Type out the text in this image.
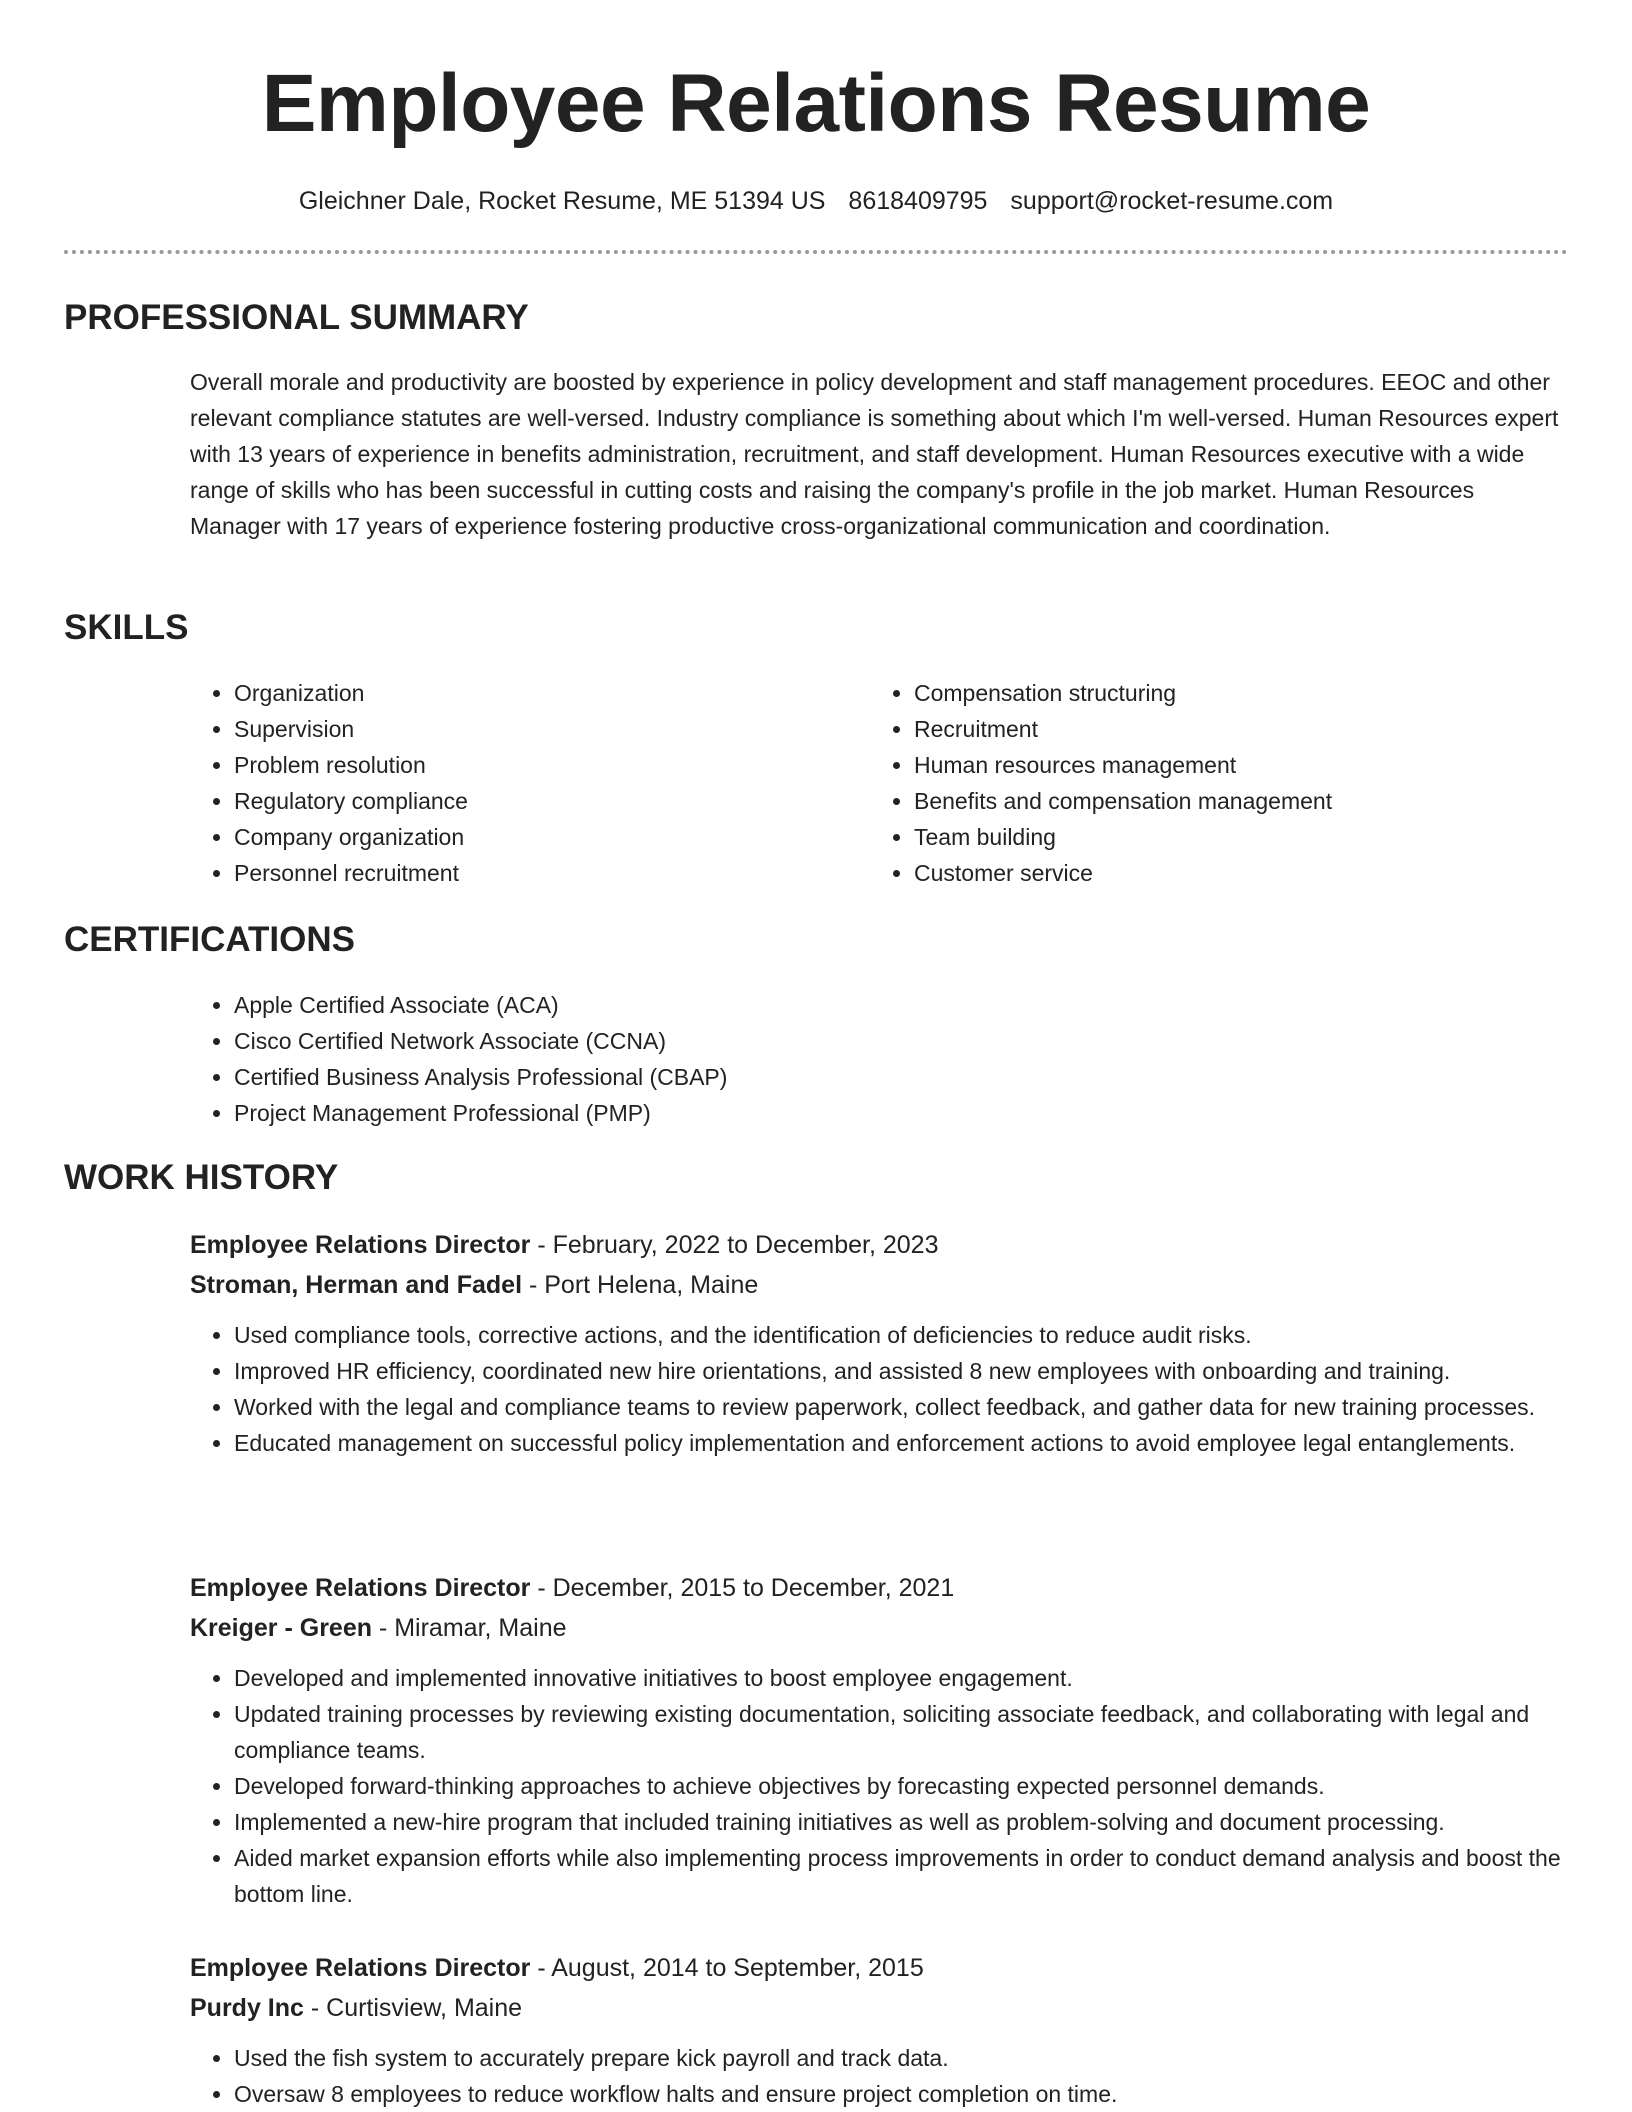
Employee Relations Resume
Gleichner Dale, Rocket Resume, ME 51394 US 8618409795 support@rocket-resume.com
PROFESSIONAL SUMMARY

Overall morale and productivity are boosted by experience in policy development and staff management procedures. EEOC and other relevant compliance statutes are well-versed. Industry compliance is something about which I'm well-versed. Human Resources expert with 13 years of experience in benefits administration, recruitment, and staff development. Human Resources executive with a wide range of skills who has been successful in cutting costs and raising the company's profile in the job market. Human Resources Manager with 17 years of experience fostering productive cross-organizational communication and coordination.

SKILLS
• Organization
• Supervision
• Problem resolution
• Regulatory compliance
• Company organization
• Personnel recruitment
• Compensation structuring
• Recruitment
• Human resources management
• Benefits and compensation management
• Team building
• Customer service
CERTIFICATIONS
• Apple Certified Associate (ACA)
• Cisco Certified Network Associate (CCNA)
• Certified Business Analysis Professional (CBAP)
• Project Management Professional (PMP)
WORK HISTORY

Employee Relations Director - February, 2022 to December, 2023

Stroman, Herman and Fadel - Port Helena, Maine

• Used compliance tools, corrective actions, and the identification of deficiencies to reduce audit risks.
• Improved HR efficiency, coordinated new hire orientations, and assisted 8 new employees with onboarding and training.
• Worked with the legal and compliance teams to review paperwork, collect feedback, and gather data for new training processes.
• Educated management on successful policy implementation and enforcement actions to avoid employee legal entanglements.

Employee Relations Director - December, 2015 to December, 2021

Kreiger - Green - Miramar, Maine

• Developed and implemented innovative initiatives to boost employee engagement.
• Updated training processes by reviewing existing documentation, soliciting associate feedback, and collaborating with legal and compliance teams.
• Developed forward-thinking approaches to achieve objectives by forecasting expected personnel demands.
• Implemented a new-hire program that included training initiatives as well as problem-solving and document processing.
• Aided market expansion efforts while also implementing process improvements in order to conduct demand analysis and boost the bottom line.

Employee Relations Director - August, 2014 to September, 2015

Purdy Inc - Curtisview, Maine

• Used the fish system to accurately prepare kick payroll and track data.
• Oversaw 8 employees to reduce workflow halts and ensure project completion on time.
